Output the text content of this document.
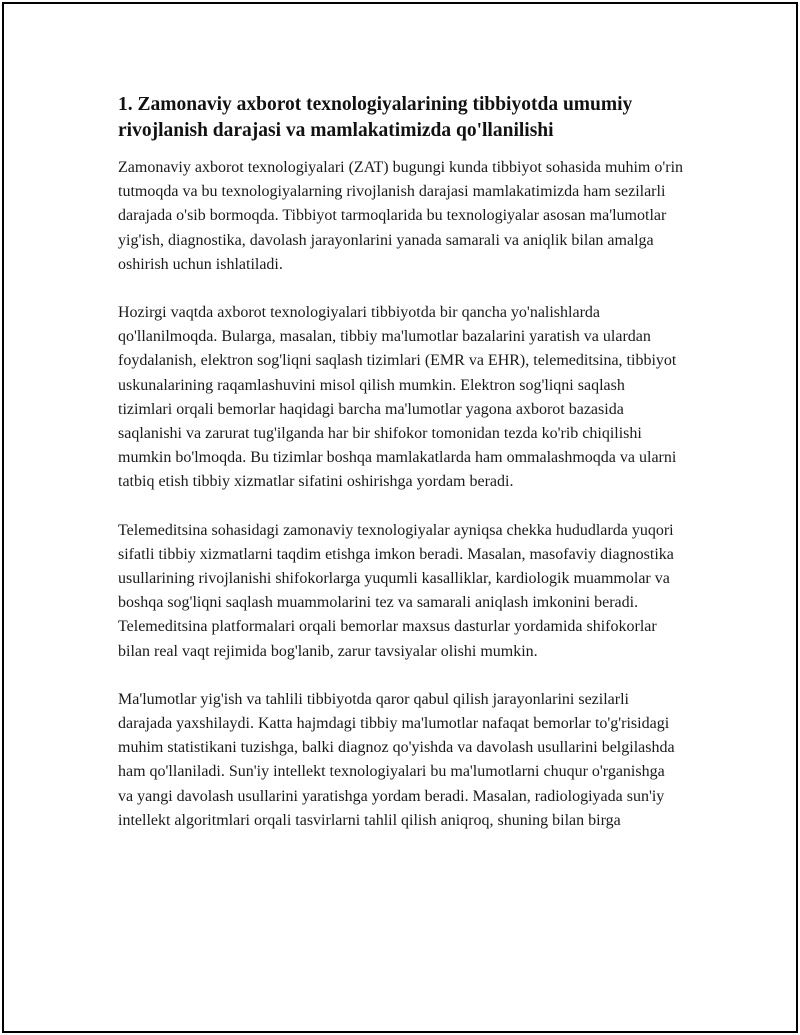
1. Zamonaviy axborot texnologiyalarining tibbiyotda umumiy rivojlanish darajasi va mamlakatimizda qo'llanilishi

Zamonaviy axborot texnologiyalari (ZAT) bugungi kunda tibbiyot sohasida muhim o'rin tutmoqda va bu texnologiyalarning rivojlanish darajasi mamlakatimizda ham sezilarli darajada o'sib bormoqda. Tibbiyot tarmoqlarida bu texnologiyalar asosan ma'lumotlar yig'ish, diagnostika, davolash jarayonlarini yanada samarali va aniqlik bilan amalga oshirish uchun ishlatiladi.

Hozirgi vaqtda axborot texnologiyalari tibbiyotda bir qancha yo'nalishlarda qo'llanilmoqda. Bularga, masalan, tibbiy ma'lumotlar bazalarini yaratish va ulardan foydalanish, elektron sog'liqni saqlash tizimlari (EMR va EHR), telemeditsina, tibbiyot uskunalarining raqamlashuvini misol qilish mumkin. Elektron sog'liqni saqlash tizimlari orqali bemorlar haqidagi barcha ma'lumotlar yagona axborot bazasida saqlanishi va zarurat tug'ilganda har bir shifokor tomonidan tezda ko'rib chiqilishi mumkin bo'lmoqda. Bu tizimlar boshqa mamlakatlarda ham ommalashmoqda va ularni tatbiq etish tibbiy xizmatlar sifatini oshirishga yordam beradi.

Telemeditsina sohasidagi zamonaviy texnologiyalar ayniqsa chekka hududlarda yuqori sifatli tibbiy xizmatlarni taqdim etishga imkon beradi. Masalan, masofaviy diagnostika usullarining rivojlanishi shifokorlarga yuqumli kasalliklar, kardiologik muammolar va boshqa sog'liqni saqlash muammolarini tez va samarali aniqlash imkonini beradi. Telemeditsina platformalari orqali bemorlar maxsus dasturlar yordamida shifokorlar bilan real vaqt rejimida bog'lanib, zarur tavsiyalar olishi mumkin.

Ma'lumotlar yig'ish va tahlili tibbiyotda qaror qabul qilish jarayonlarini sezilarli darajada yaxshilaydi. Katta hajmdagi tibbiy ma'lumotlar nafaqat bemorlar to'g'risidagi muhim statistikani tuzishga, balki diagnoz qo'yishda va davolash usullarini belgilashda ham qo'llaniladi. Sun'iy intellekt texnologiyalari bu ma'lumotlarni chuqur o'rganishga va yangi davolash usullarini yaratishga yordam beradi. Masalan, radiologiyada sun'iy intellekt algoritmlari orqali tasvirlarni tahlil qilish aniqroq, shuning bilan birga
